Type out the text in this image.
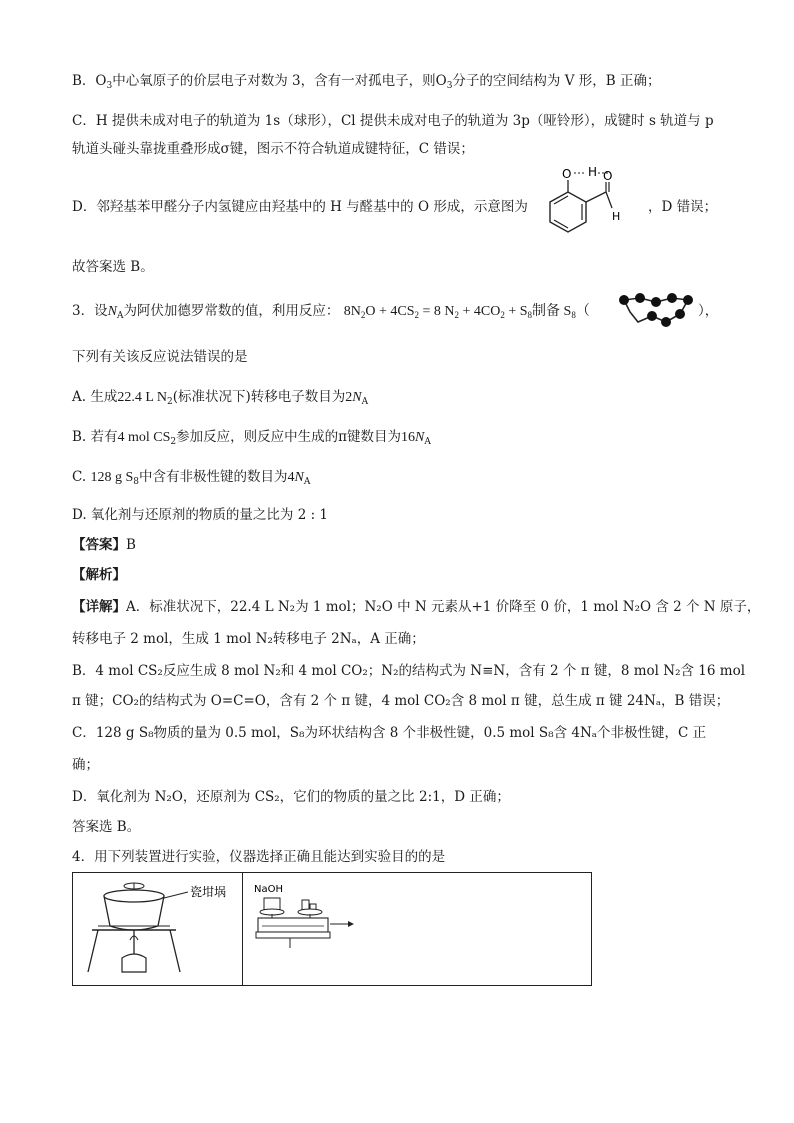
B．$O_3$中心氧原子的价层电子对数为 3，含有一对孤电子，则$O_3$分子的空间结构为 V 形，B 正确；
C．H 提供未成对电子的轨道为 1s（球形），Cl 提供未成对电子的轨道为 3p（哑铃形），成键时 s 轨道与 p
轨道头碰头靠拢重叠形成σ键，图示不符合轨道成键特征，C 错误；
D．邻羟基苯甲醛分子内氢键应由羟基中的 H 与醛基中的 O 形成，示意图为
O H O
H
，D 错误；
故答案选 B。
3．设$N_A$为阿伏加德罗常数的值，利用反应： $8N_2O + 4CS_2 = 8$ $N_2 + 4CO_2 + S_8$制备 $S_8$（	），
下列有关该反应说法错误的是
A. 生成22.4 L $N_2$(标准状况下)转移电子数目为$2N_A$
B. 若有4 mol $CS_2$参加反应，则反应中生成的π键数目为$16N_A$
C. 128 g $S_8$中含有非极性键的数目为$4N_A$
D. 氧化剂与还原剂的物质的量之比为 2 : 1
【答案】B
【解析】
【详解】A．标准状况下，22.4 L N₂为 1 mol；N₂O 中 N 元素从+1 价降至 0 价，1 mol N₂O 含 2 个 N 原子，
转移电子 2 mol，生成 1 mol N₂转移电子 2Nₐ，A 正确；
B．4 mol CS₂反应生成 8 mol N₂和 4 mol CO₂；N₂的结构式为 N≡N，含有 2 个 π 键，8 mol N₂含 16 mol
π 键；CO₂的结构式为 O=C=O，含有 2 个 π 键，4 mol CO₂含 8 mol π 键，总生成 π 键 24Nₐ，B 错误；
C．128 g S₈物质的量为 0.5 mol，S₈为环状结构含 8 个非极性键，0.5 mol S₈含 4Nₐ个非极性键，C 正
确；
D．氧化剂为 N₂O，还原剂为 CS₂，它们的物质的量之比 2:1，D 正确；
答案选 B。
4．用下列装置进行实验，仪器选择正确且能达到实验目的的是
瓷坩埚	NaOH
